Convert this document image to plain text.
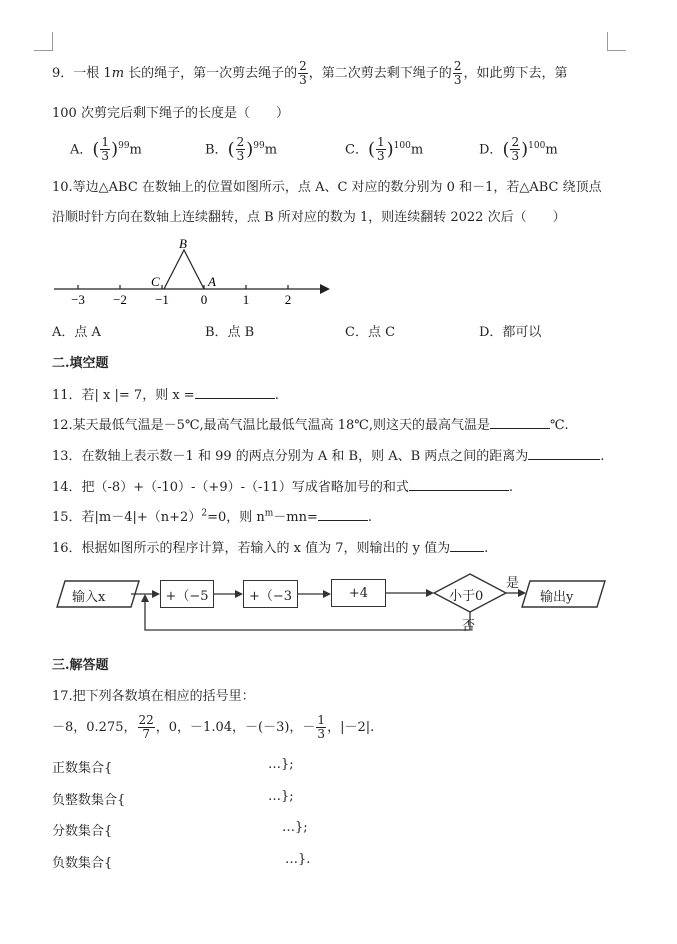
9．一根 1m 长的绳子，第一次剪去绳子的 $\frac{2}{3}$ ，第二次剪去剩下绳子的 $\frac{2}{3}$ ，如此剪下去，第
100 次剪完后剩下绳子的长度是（　　）
A．( $\frac{1}{3} )^{99}m$	B．( $\frac{2}{3} )^{99}m$	C．( $\frac{1}{3} )^{100}m$	D．( $\frac{2}{3} )^{100}m$
10.等边△ABC 在数轴上的位置如图所示，点 A、C 对应的数分别为 0 和－1，若△ABC 绕顶点
沿顺时针方向在数轴上连续翻转，点 B 所对应的数为 1，则连续翻转 2022 次后（　　）
−3 −2 −1 0	1	2
B
C	A
A．点 A	B．点 B	C．点 C	D．都可以
二.填空题
11．若| x |= 7，则 x =	.
12.某天最低气温是－5℃,最高气温比最低气温高 18℃,则这天的最高气温是	℃.
13．在数轴上表示数－1 和 99 的两点分别为 A 和 B，则 A、B 两点之间的距离为	.
14．把（-8）+（-10）-（+9）-（-11）写成省略加号的和式	.
15．若$|m-4|+(n+2)^2=0$，则 $n^m-mn=$	.
16．根据如图所示的程序计算，若输入的 x 值为 7，则输出的 y 值为	.
输入x	+（−5	+（−3	+4	小于0
是
否
输出y
三.解答题
17.把下列各数填在相应的括号里：
－8，0.275， $\frac{22}{7}$ ，0，－1.04，－(－3)，－ $\frac{1}{3}$ ，|－2|.
正数集合{	…};
负整数集合{	…};
分数集合{	…};
负数集合{	…}.
